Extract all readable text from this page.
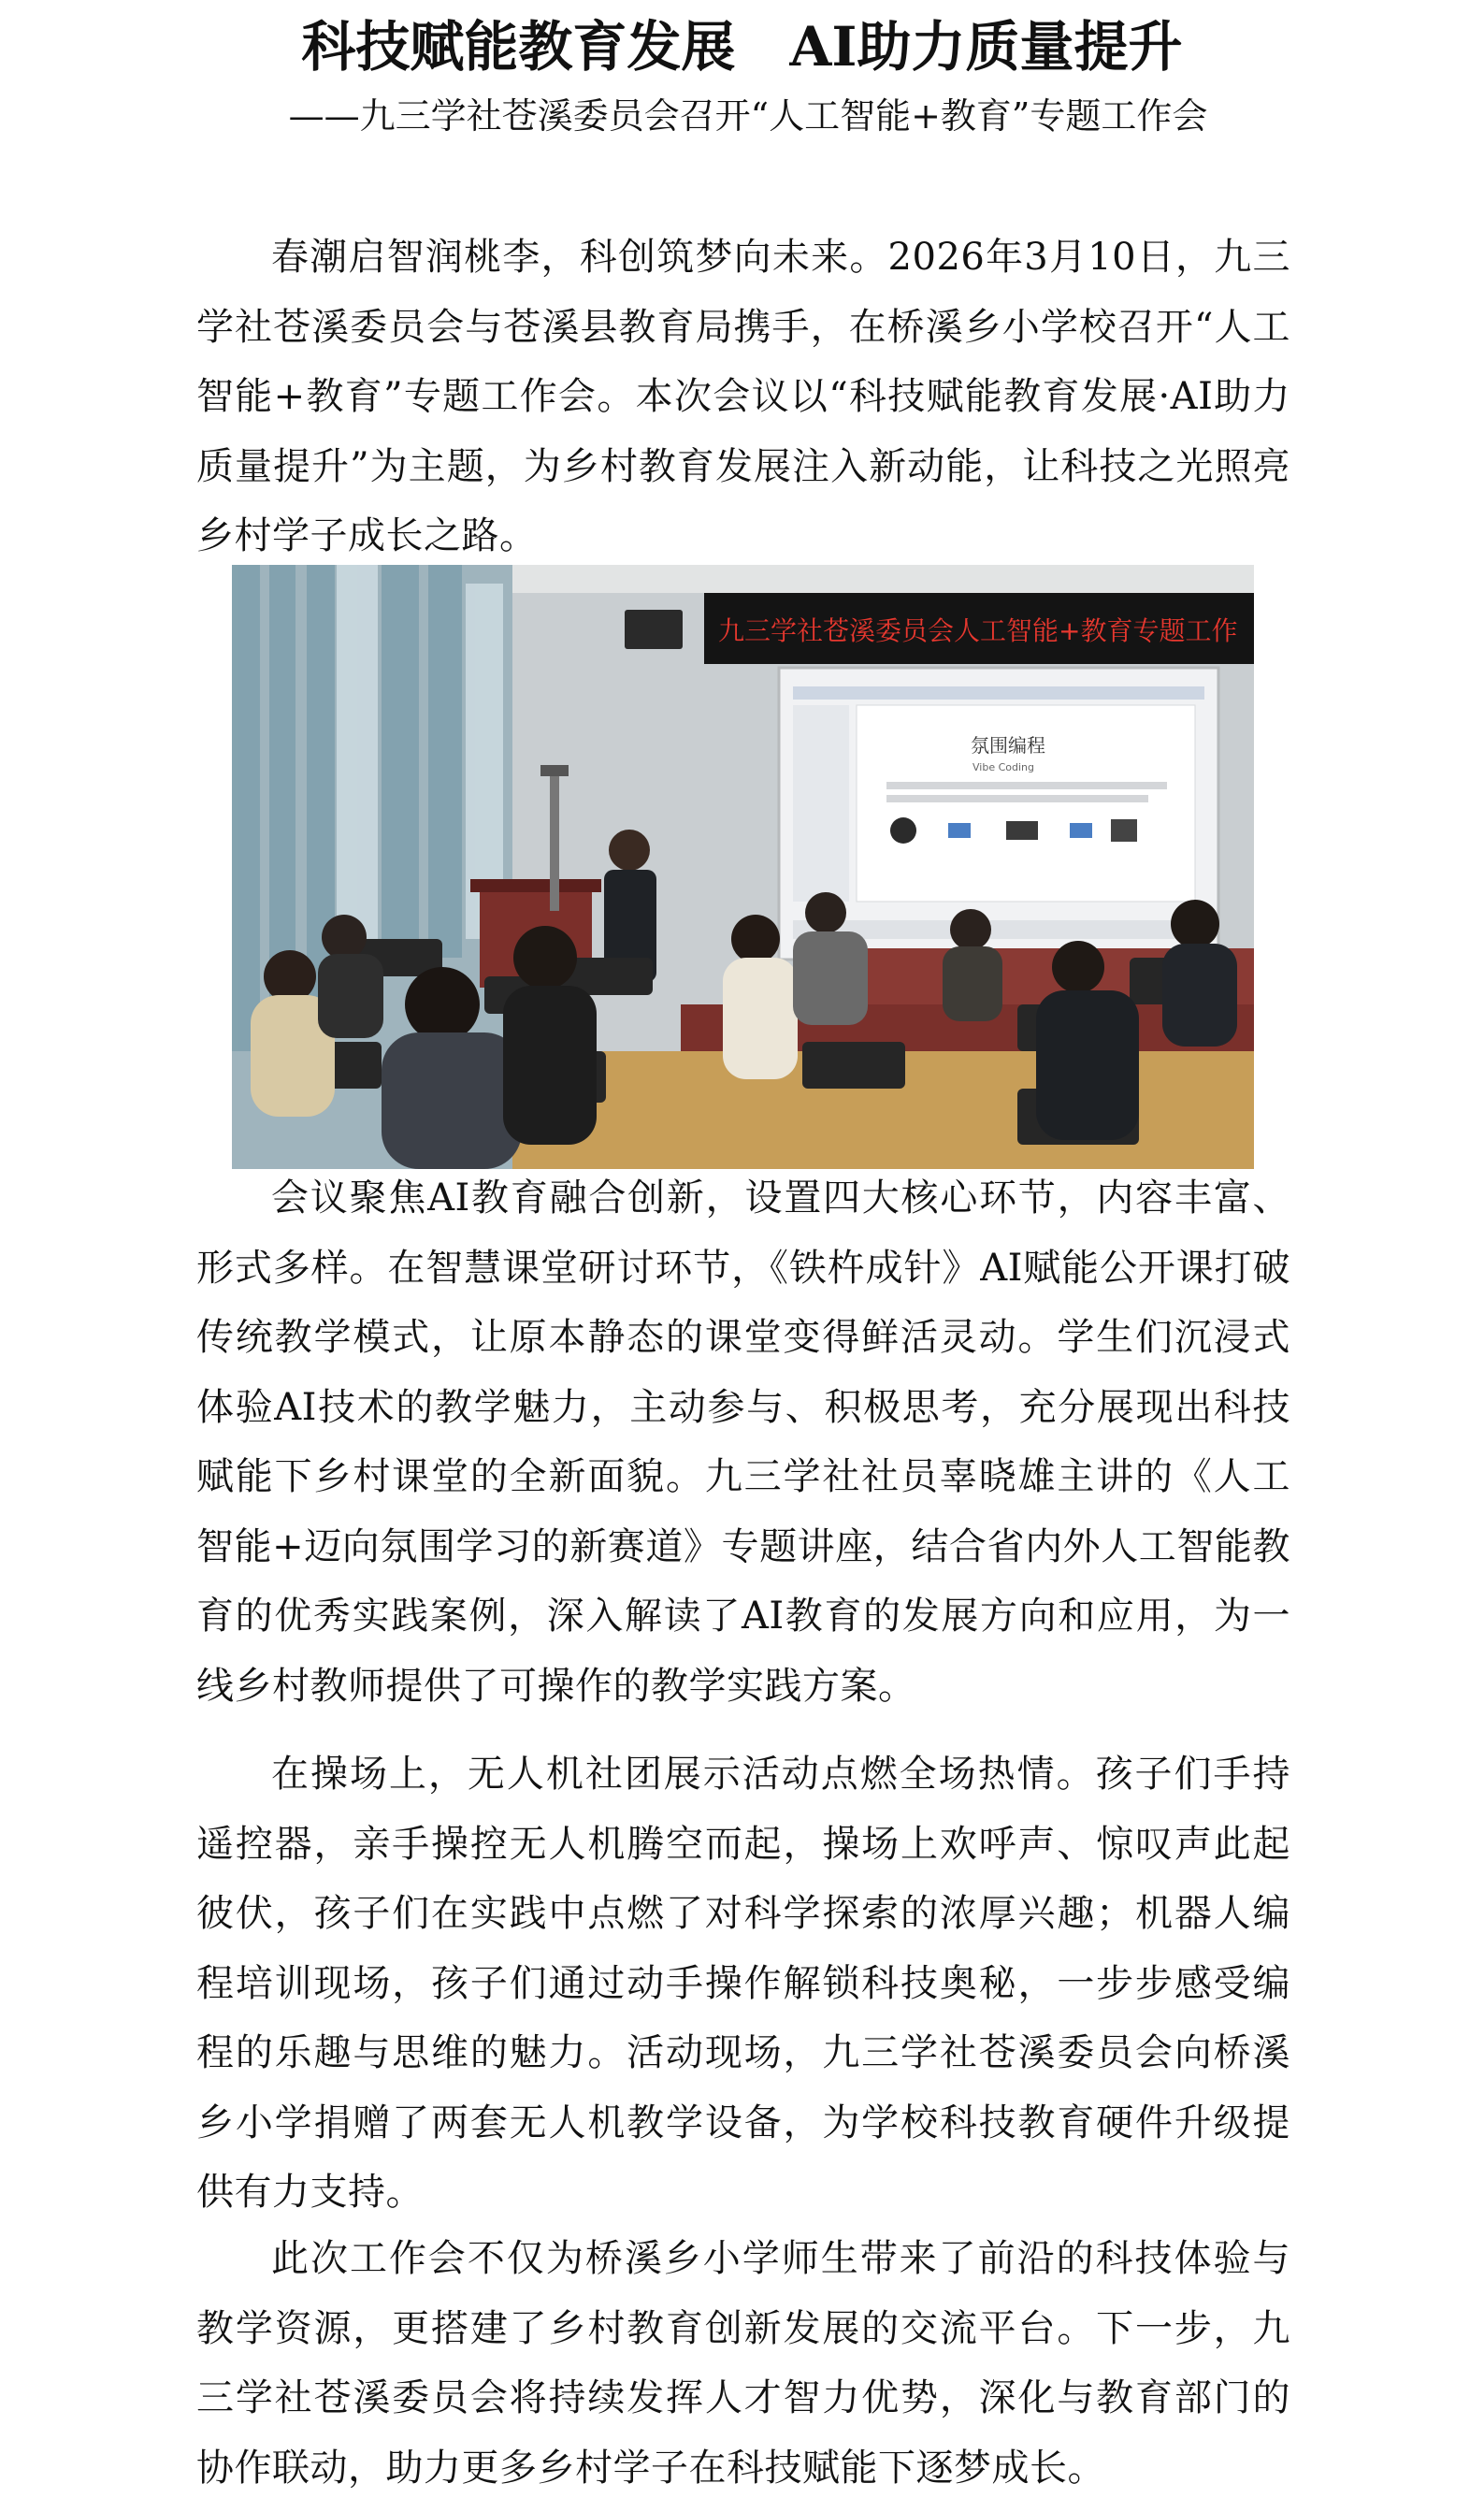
科技赋能教育发展　AI助力质量提升
——九三学社苍溪委员会召开“人工智能+教育”专题工作会

春潮启智润桃李，科创筑梦向未来。2026年3月10日，九三学社苍溪委员会与苍溪县教育局携手，在桥溪乡小学校召开“人工智能+教育”专题工作会。本次会议以“科技赋能教育发展·AI助力质量提升”为主题，为乡村教育发展注入新动能，让科技之光照亮乡村学子成长之路。

九三学社苍溪委员会人工智能+教育专题工作
氛围编程
Vibe Coding

会议聚焦AI教育融合创新，设置四大核心环节，内容丰富、形式多样。在智慧课堂研讨环节，《铁杵成针》AI赋能公开课打破传统教学模式，让原本静态的课堂变得鲜活灵动。学生们沉浸式体验AI技术的教学魅力，主动参与、积极思考，充分展现出科技赋能下乡村课堂的全新面貌。九三学社社员辜晓雄主讲的《人工智能+迈向氛围学习的新赛道》专题讲座，结合省内外人工智能教育的优秀实践案例，深入解读了AI教育的发展方向和应用，为一线乡村教师提供了可操作的教学实践方案。

在操场上，无人机社团展示活动点燃全场热情。孩子们手持遥控器，亲手操控无人机腾空而起，操场上欢呼声、惊叹声此起彼伏，孩子们在实践中点燃了对科学探索的浓厚兴趣；机器人编程培训现场，孩子们通过动手操作解锁科技奥秘，一步步感受编程的乐趣与思维的魅力。活动现场，九三学社苍溪委员会向桥溪乡小学捐赠了两套无人机教学设备，为学校科技教育硬件升级提供有力支持。

此次工作会不仅为桥溪乡小学师生带来了前沿的科技体验与教学资源，更搭建了乡村教育创新发展的交流平台。下一步，九三学社苍溪委员会将持续发挥人才智力优势，深化与教育部门的协作联动，助力更多乡村学子在科技赋能下逐梦成长。
